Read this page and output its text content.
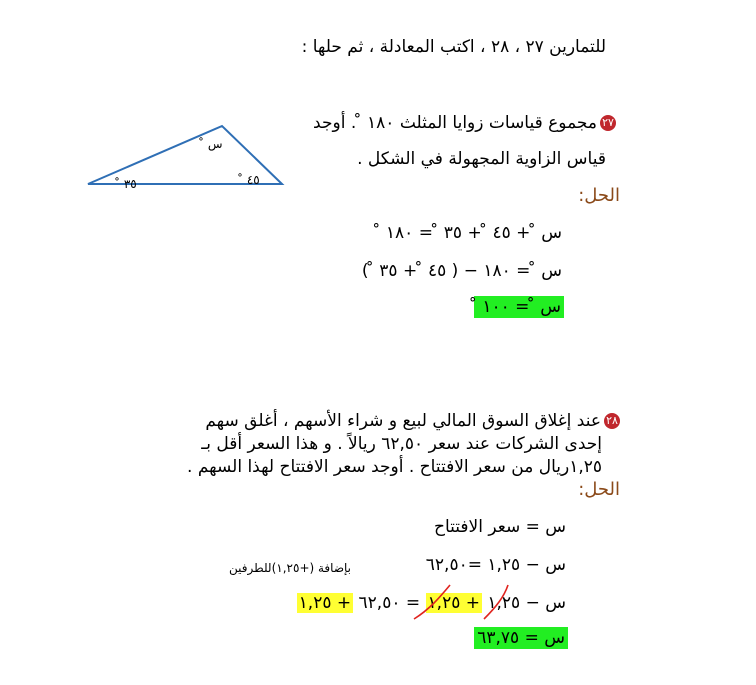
للتمارين ٢٧ ، ٢٨ ، اكتب المعادلة ، ثم حلها :
٢٧مجموع قياسات زوايا المثلث ١٨٠ ̊ . أوجد
قياس الزاوية المجهولة في الشكل .
الحل:
س ̊
٤٥ ̊
٣٥ ̊
س ̊ + ٤٥ ̊ + ٣٥ ̊ = ١٨٠ ̊
س ̊ = ١٨٠ − ( ٤٥ ̊ + ٣٥ ̊ )
س ̊ = ١٠٠ ̊
٢٨عند إغلاق السوق المالي لبيع و شراء الأسهم ، أغلق سهم
إحدى الشركات عند سعر ٦٢,٥٠ ريالاً . و هذا السعر أقل بـ
١,٢٥ريال من سعر الافتتاح . أوجد سعر الافتتاح لهذا السهم .
الحل:
س = سعر الافتتاح
س − ١,٢٥ =٦٢,٥٠
بإضافة (+١,٢٥)للطرفين
س − ١,٢٥ + ١,٢٥ = ٦٢,٥٠ + ١,٢٥
س = ٦٣,٧٥
